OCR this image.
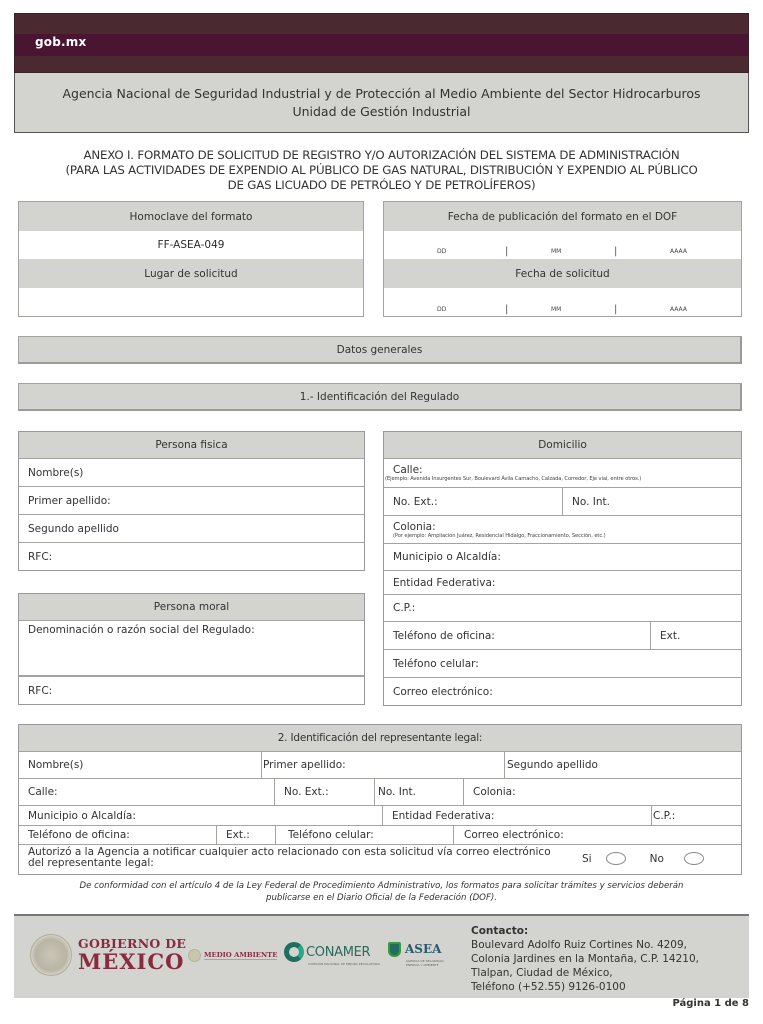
gob.mx
Agencia Nacional de Seguridad Industrial y de Protección al Medio Ambiente del Sector Hidrocarburos
Unidad de Gestión Industrial
ANEXO I. FORMATO DE SOLICITUD DE REGISTRO Y/O AUTORIZACIÓN DEL SISTEMA DE ADMINISTRACIÓN
(PARA LAS ACTIVIDADES DE EXPENDIO AL PÚBLICO DE GAS NATURAL, DISTRIBUCIÓN Y EXPENDIO AL PÚBLICO
DE GAS LICUADO DE PETRÓLEO Y DE PETROLÍFEROS)
Homoclave del formato
FF-ASEA-049
Lugar de solicitud
Fecha de publicación del formato en el DOF
DD	|	MM	|	AAAA
Fecha de solicitud
DD	|	MM	|	AAAA
Datos generales
1.- Identificación del Regulado
Persona fisica
Nombre(s)
Primer apellido:
Segundo apellido
RFC:
Persona moral
Denominación o razón social del Regulado:
RFC:
Domicilio
Calle:
(Ejemplo: Avenida Insurgentes Sur, Boulevard Ávila Camacho, Calzada, Corredor, Eje vial, entre otros.)
No. Ext.:	No. Int.
Colonia:
(Por ejemplo: Ampliación Juárez, Residencial Hidalgo, Fraccionamiento, Sección, etc.)
Municipio o Alcaldía:
Entidad Federativa:
C.P.:
Teléfono de oficina:	Ext.
Teléfono celular:
Correo electrónico:
2. Identificación del representante legal:
Nombre(s)	Primer apellido:	Segundo apellido
Calle:	No. Ext.:	No. Int.	Colonia:
Municipio o Alcaldía:	Entidad Federativa:	C.P.:
Teléfono de oficina:	Ext.:	Teléfono celular:	Correo electrónico:
Autorizó a la Agencia a notificar cualquier acto relacionado con esta solicitud vía correo electrónico
del representante legal:	Si	No
De conformidad con el artículo 4 de la Ley Federal de Procedimiento Administrativo, los formatos para solicitar trámites y servicios deberán
publicarse en el Diario Oficial de la Federación (DOF).
GOBIERNO DE
MÉXICO	MEDIO AMBIENTE CONAMER
COMISIÓN NACIONAL DE MEJORA REGULATORIA
ASEA
AGENCIA DE SEGURIDAD,
ENERGÍA Y AMBIENTE
Contacto:
Boulevard Adolfo Ruiz Cortines No. 4209,
Colonia Jardines en la Montaña, C.P. 14210,
Tlalpan, Ciudad de México,
Teléfono (+52.55) 9126-0100
Página 1 de 8
